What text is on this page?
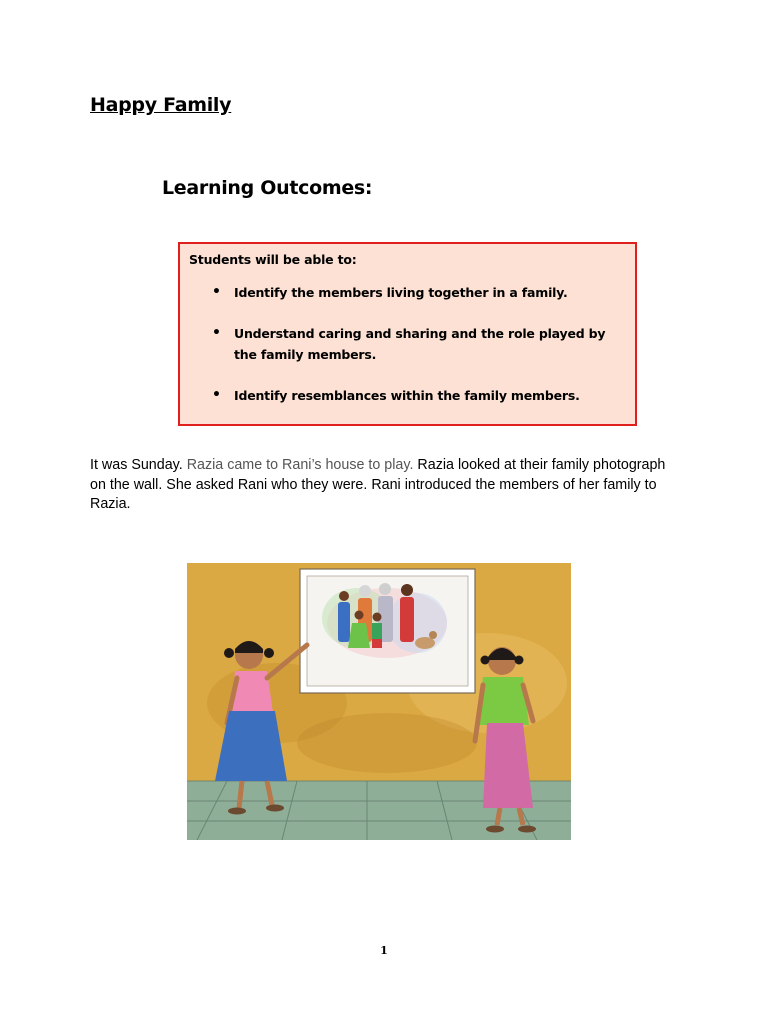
Happy Family
Learning Outcomes:
Students will be able to:
• Identify the members living together in a family.
• Understand caring and sharing and the role played by the family members.
• Identify resemblances within the family members.

It was Sunday. Razia came to Rani’s house to play. Razia looked at their family photograph on the wall. She asked Rani who they were. Rani introduced the members of her family to Razia.

1
